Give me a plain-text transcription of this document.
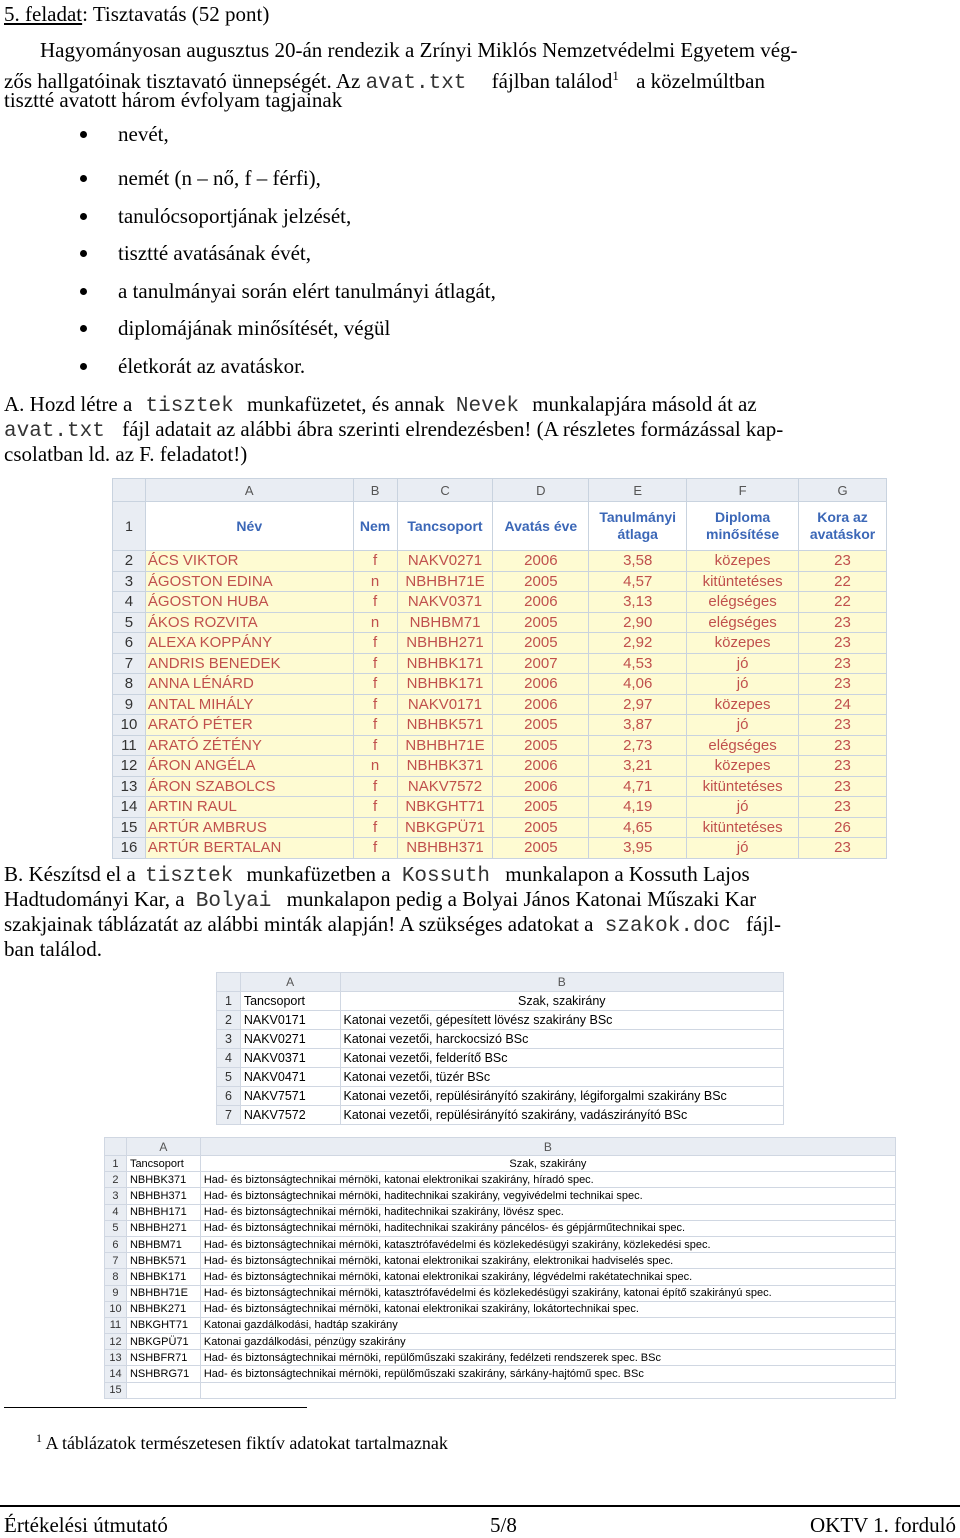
5. feladat: Tisztavatás (52 pont)
Hagyományosan augusztus 20-án rendezik a Zrínyi Miklós Nemzetvédelmi Egyetem vég-
zős hallgatóinak tisztavató ünnepségét. Az avat.txt fájlban találod$^1$ a közelmúltban
tisztté avatott három évfolyam tagjainak
nevét,
nemét (n – nő, f – férfi),
tanulócsoportjának jelzését,
tisztté avatásának évét,
a tanulmányai során elért tanulmányi átlagát,
diplomájának minősítését, végül
életkorát az avatáskor.
A. Hozd létre a tisztek munkafüzetet, és annak Nevek munkalapjára másold át az
avat.txt fájl adatait az alábbi ábra szerinti elrendezésben! (A részletes formázással kap-
csolatban ld. az F. feladatot!)
	A	B	C	D	E	F	G
1	Név	Nem	Tancsoport	Avatás éve	Tanulmányi átlaga	Diploma minősítése	Kora az avatáskor
2	ÁCS VIKTOR	f	NAKV0271	2006	3,58	közepes	23
3	ÁGOSTON EDINA	n	NBHBH71E	2005	4,57	kitüntetéses	22
4	ÁGOSTON HUBA	f	NAKV0371	2006	3,13	elégséges	22
5	ÁKOS ROZVITA	n	NBHBM71	2005	2,90	elégséges	23
6	ALEXA KOPPÁNY	f	NBHBH271	2005	2,92	közepes	23
7	ANDRIS BENEDEK	f	NBHBK171	2007	4,53	jó	23
8	ANNA LÉNÁRD	f	NBHBK171	2006	4,06	jó	23
9	ANTAL MIHÁLY	f	NAKV0171	2006	2,97	közepes	24
10	ARATÓ PÉTER	f	NBHBK571	2005	3,87	jó	23
11	ARATÓ ZÉTÉNY	f	NBHBH71E	2005	2,73	elégséges	23
12	ÁRON ANGÉLA	n	NBHBK371	2006	3,21	közepes	23
13	ÁRON SZABOLCS	f	NAKV7572	2006	4,71	kitüntetéses	23
14	ARTIN RAUL	f	NBKGHT71	2005	4,19	jó	23
15	ARTÚR AMBRUS	f	NBKGPÜ71	2005	4,65	kitüntetéses	26
16	ARTÚR BERTALAN	f	NBHBH371	2005	3,95	jó	23
B. Készítsd el a tisztek munkafüzetben a Kossuth munkalapon a Kossuth Lajos
Hadtudományi Kar, a Bolyai munkalapon pedig a Bolyai János Katonai Műszaki Kar
szakjainak táblázatát az alábbi minták alapján! A szükséges adatokat a szakok.doc fájl-
ban találod.
	A	B
1	Tancsoport	Szak, szakirány
2	NAKV0171	Katonai vezetői, gépesített lövész szakirány BSc
3	NAKV0271	Katonai vezetői, harckocsizó BSc
4	NAKV0371	Katonai vezetői, felderítő BSc
5	NAKV0471	Katonai vezetői, tüzér BSc
6	NAKV7571	Katonai vezetői, repülésirányító szakirány, légiforgalmi szakirány BSc
7	NAKV7572	Katonai vezetői, repülésirányító szakirány, vadászirányító BSc
	A	B
1	Tancsoport	Szak, szakirány
2	NBHBK371	Had- és biztonságtechnikai mérnöki, katonai elektronikai szakirány, híradó spec.
3	NBHBH371	Had- és biztonságtechnikai mérnöki, haditechnikai szakirány, vegyivédelmi technikai spec.
4	NBHBH171	Had- és biztonságtechnikai mérnöki, haditechnikai szakirány, lövész spec.
5	NBHBH271	Had- és biztonságtechnikai mérnöki, haditechnikai szakirány páncélos- és gépjárműtechnikai spec.
6	NBHBM71	Had- és biztonságtechnikai mérnöki, katasztrófavédelmi és közlekedésügyi szakirány, közlekedési spec.
7	NBHBK571	Had- és biztonságtechnikai mérnöki, katonai elektronikai szakirány, elektronikai hadviselés spec.
8	NBHBK171	Had- és biztonságtechnikai mérnöki, katonai elektronikai szakirány, légvédelmi rakétatechnikai spec.
9	NBHBH71E	Had- és biztonságtechnikai mérnöki, katasztrófavédelmi és közlekedésügyi szakirány, katonai építő szakirányú spec.
10	NBHBK271	Had- és biztonságtechnikai mérnöki, katonai elektronikai szakirány, lokátortechnikai spec.
11	NBKGHT71	Katonai gazdálkodási, hadtáp szakirány
12	NBKGPÜ71	Katonai gazdálkodási, pénzügy szakirány
13	NSHBFR71	Had- és biztonságtechnikai mérnöki, repülőműszaki szakirány, fedélzeti rendszerek spec. BSc
14	NSHBRG71	Had- és biztonságtechnikai mérnöki, repülőműszaki szakirány, sárkány-hajtómű spec. BSc
15		
$^1$ A táblázatok természetesen fiktív adatokat tartalmaznak
Értékelési útmutató	5/8	OKTV 1. forduló
